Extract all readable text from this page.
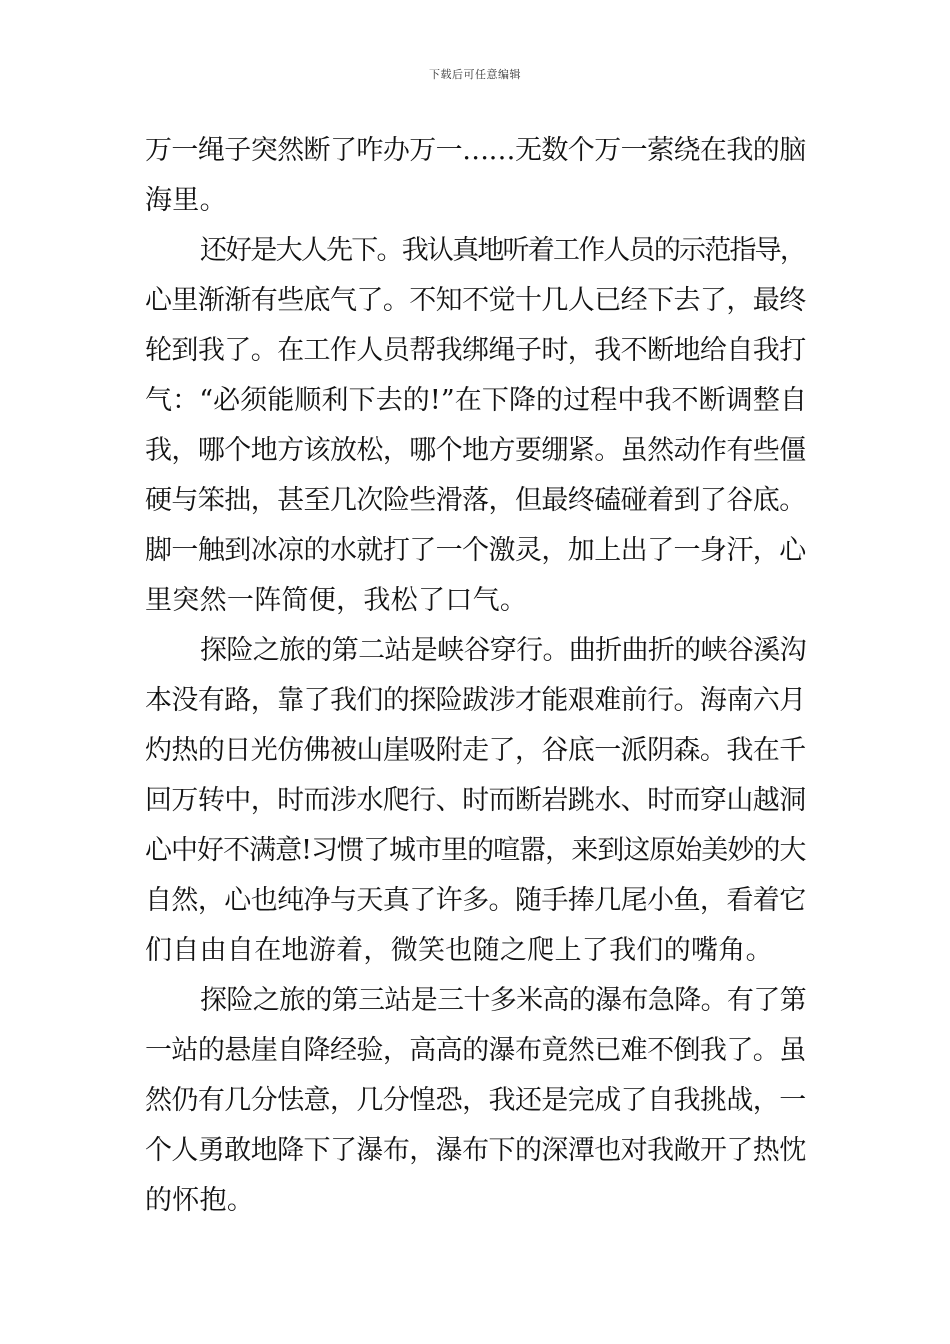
下载后可任意编辑
万一绳子突然断了咋办万一……无数个万一萦绕在我的脑
海里。
还好是大人先下。我认真地听着工作人员的示范指导，
心里渐渐有些底气了。不知不觉十几人已经下去了，最终
轮到我了。在工作人员帮我绑绳子时，我不断地给自我打
气：“必须能顺利下去的!”在下降的过程中我不断调整自
我，哪个地方该放松，哪个地方要绷紧。虽然动作有些僵
硬与笨拙，甚至几次险些滑落，但最终磕碰着到了谷底。
脚一触到冰凉的水就打了一个激灵，加上出了一身汗，心
里突然一阵简便，我松了口气。
探险之旅的第二站是峡谷穿行。曲折曲折的峡谷溪沟
本没有路，靠了我们的探险跋涉才能艰难前行。海南六月
灼热的日光仿佛被山崖吸附走了，谷底一派阴森。我在千
回万转中，时而涉水爬行、时而断岩跳水、时而穿山越洞
心中好不满意!习惯了城市里的喧嚣，来到这原始美妙的大
自然，心也纯净与天真了许多。随手捧几尾小鱼，看着它
们自由自在地游着，微笑也随之爬上了我们的嘴角。
探险之旅的第三站是三十多米高的瀑布急降。有了第
一站的悬崖自降经验，高高的瀑布竟然已难不倒我了。虽
然仍有几分怯意，几分惶恐，我还是完成了自我挑战，一
个人勇敢地降下了瀑布，瀑布下的深潭也对我敞开了热忱
的怀抱。
